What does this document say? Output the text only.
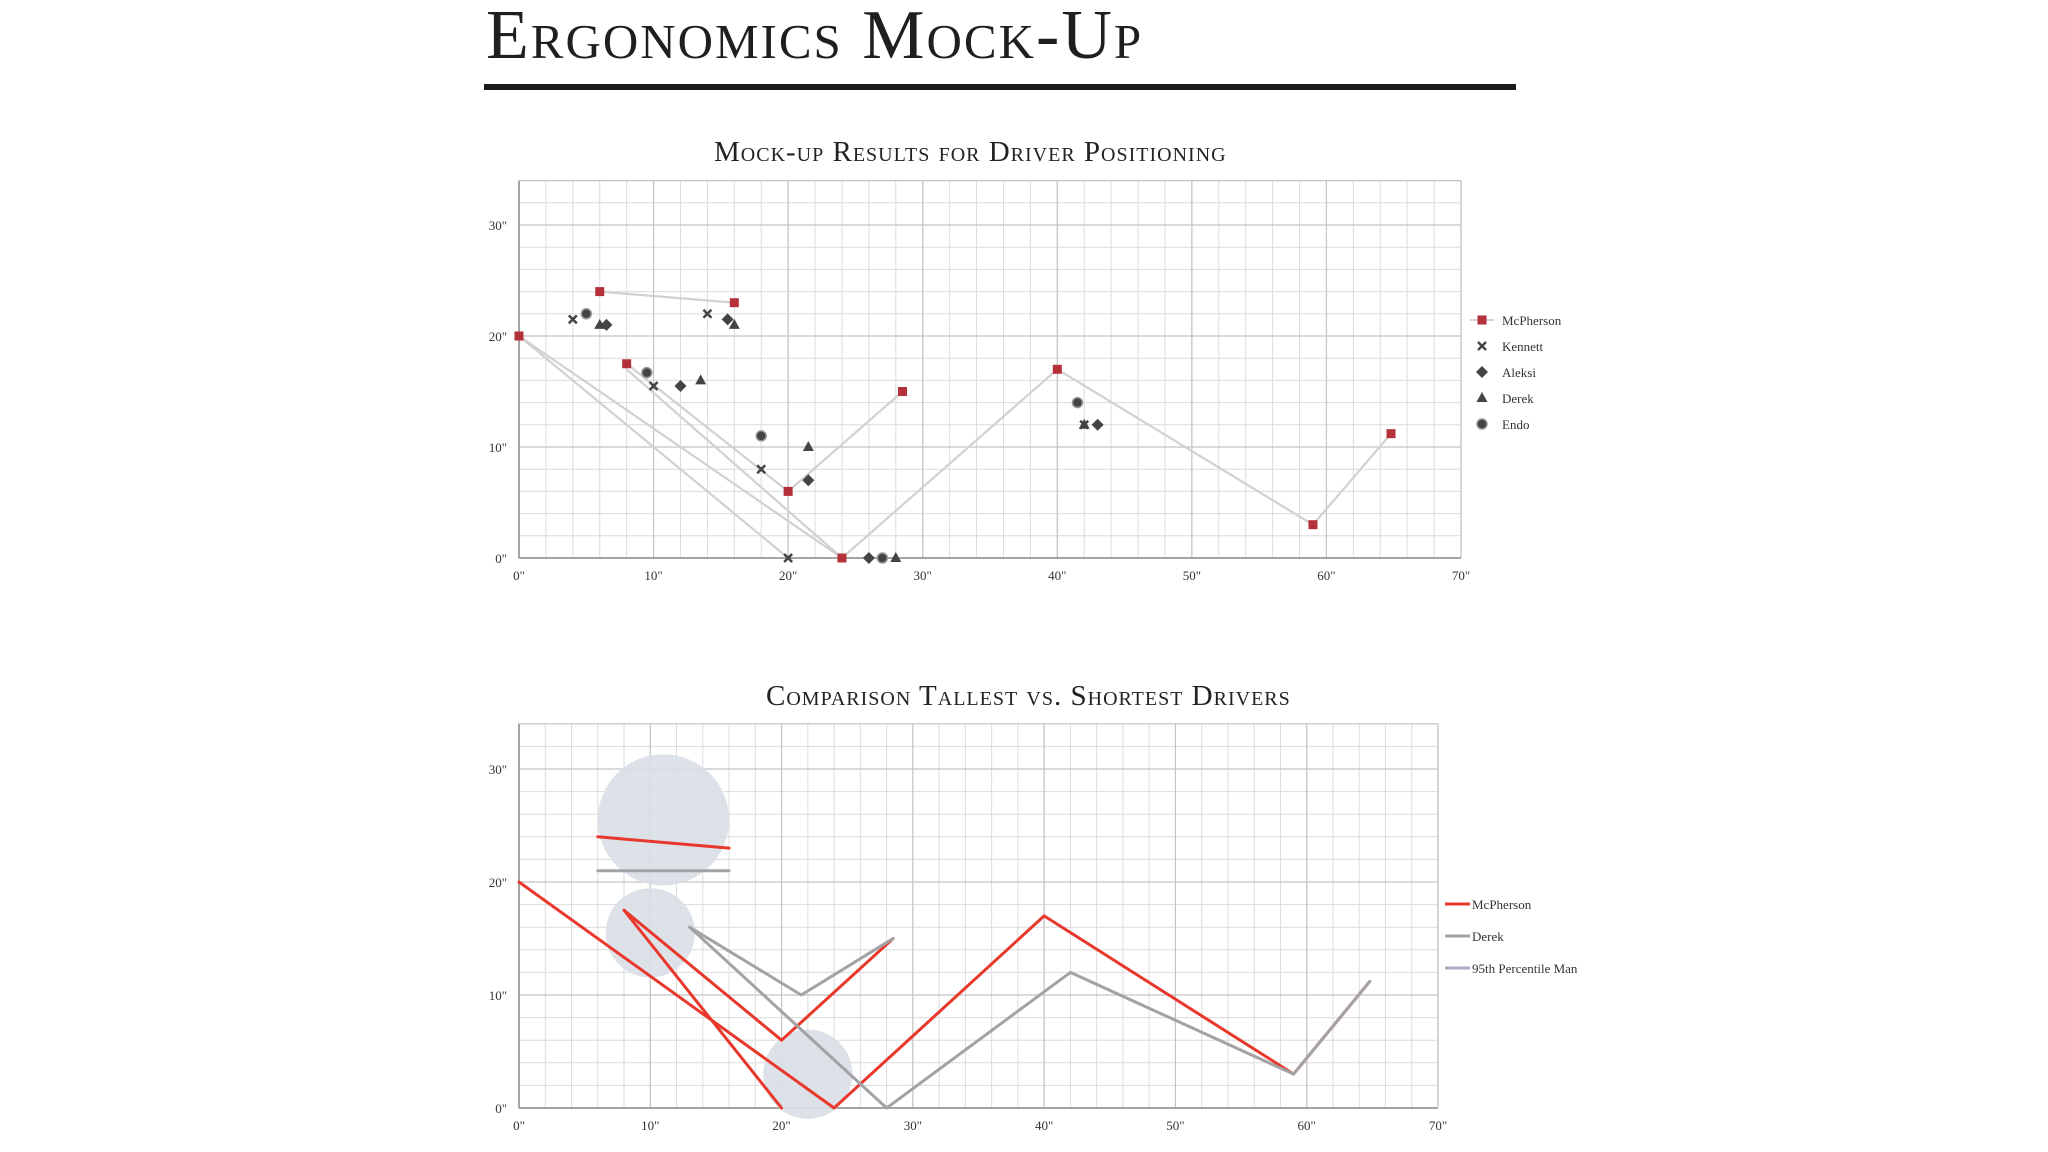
Ergonomics Mock-Up
Mock-up Results for Driver Positioning
Comparison Tallest vs. Shortest Drivers
0"	10"	20"	30"	40"	50"	60"	70"
0"
10"
20"
30"
McPherson
Kennett
Aleksi
Derek
Endo
0"	10"	20"	30"	40"	50"	60"	70"
0"
10"
20"
30"
McPherson
Derek
95th Percentile Man
